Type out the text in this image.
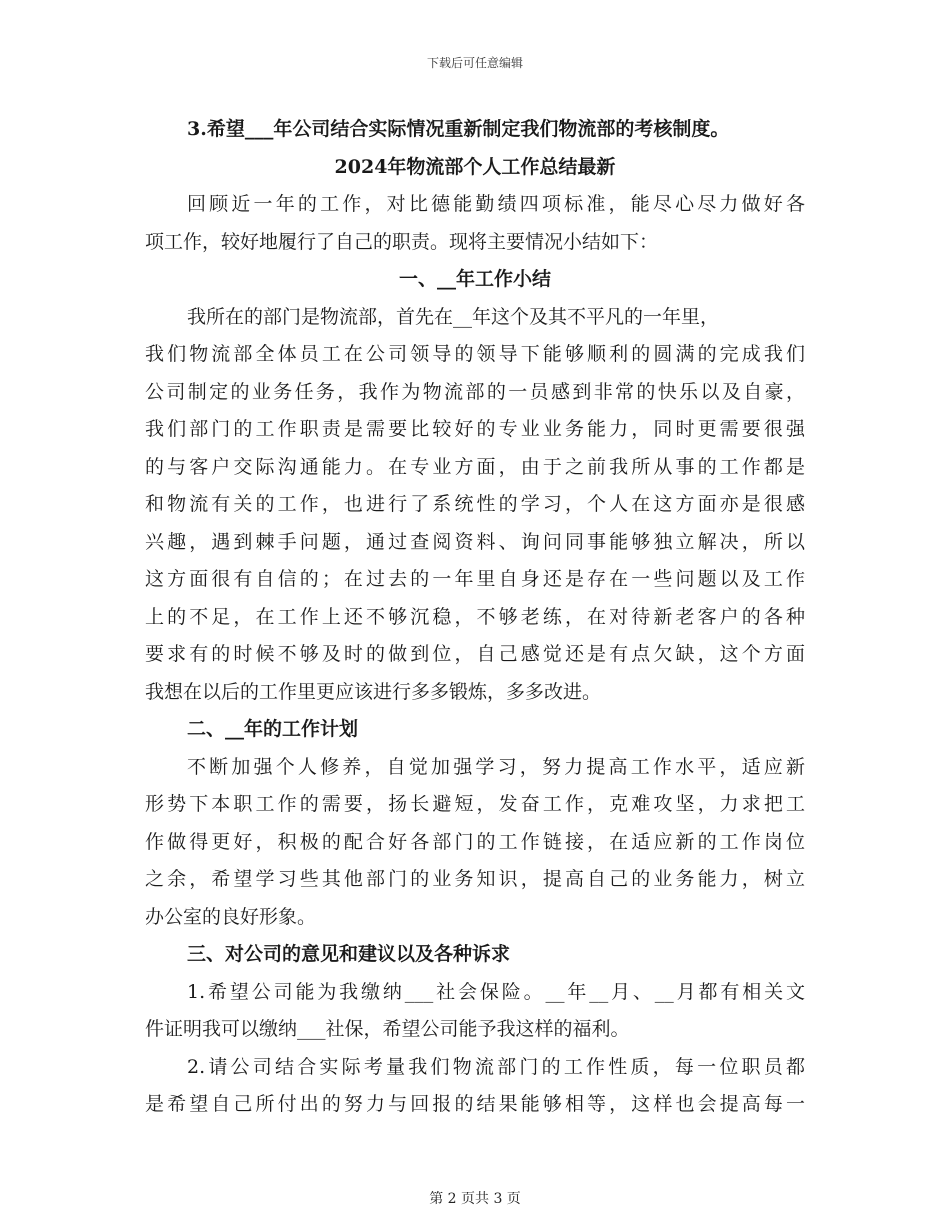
下载后可任意编辑
3.希望___年公司结合实际情况重新制定我们物流部的考核制度。
2024年物流部个人工作总结最新
回顾近一年的工作，对比德能勤绩四项标准，能尽心尽力做好各
项工作，较好地履行了自己的职责。现将主要情况小结如下：
一、__年工作小结
我所在的部门是物流部，首先在__年这个及其不平凡的一年里，
我们物流部全体员工在公司领导的领导下能够顺利的圆满的完成我们
公司制定的业务任务，我作为物流部的一员感到非常的快乐以及自豪，
我们部门的工作职责是需要比较好的专业业务能力，同时更需要很强
的与客户交际沟通能力。在专业方面，由于之前我所从事的工作都是
和物流有关的工作，也进行了系统性的学习，个人在这方面亦是很感
兴趣，遇到棘手问题，通过查阅资料、询问同事能够独立解决，所以
这方面很有自信的；在过去的一年里自身还是存在一些问题以及工作
上的不足，在工作上还不够沉稳，不够老练，在对待新老客户的各种
要求有的时候不够及时的做到位，自己感觉还是有点欠缺，这个方面
我想在以后的工作里更应该进行多多锻炼，多多改进。
二、__年的工作计划
不断加强个人修养，自觉加强学习，努力提高工作水平，适应新
形势下本职工作的需要，扬长避短，发奋工作，克难攻坚，力求把工
作做得更好，积极的配合好各部门的工作链接，在适应新的工作岗位
之余，希望学习些其他部门的业务知识，提高自己的业务能力，树立
办公室的良好形象。
三、对公司的意见和建议以及各种诉求
1.希望公司能为我缴纳___社会保险。__年__月、__月都有相关文
件证明我可以缴纳___社保，希望公司能予我这样的福利。
2.请公司结合实际考量我们物流部门的工作性质，每一位职员都
是希望自己所付出的努力与回报的结果能够相等，这样也会提高每一
第 2 页共 3 页
